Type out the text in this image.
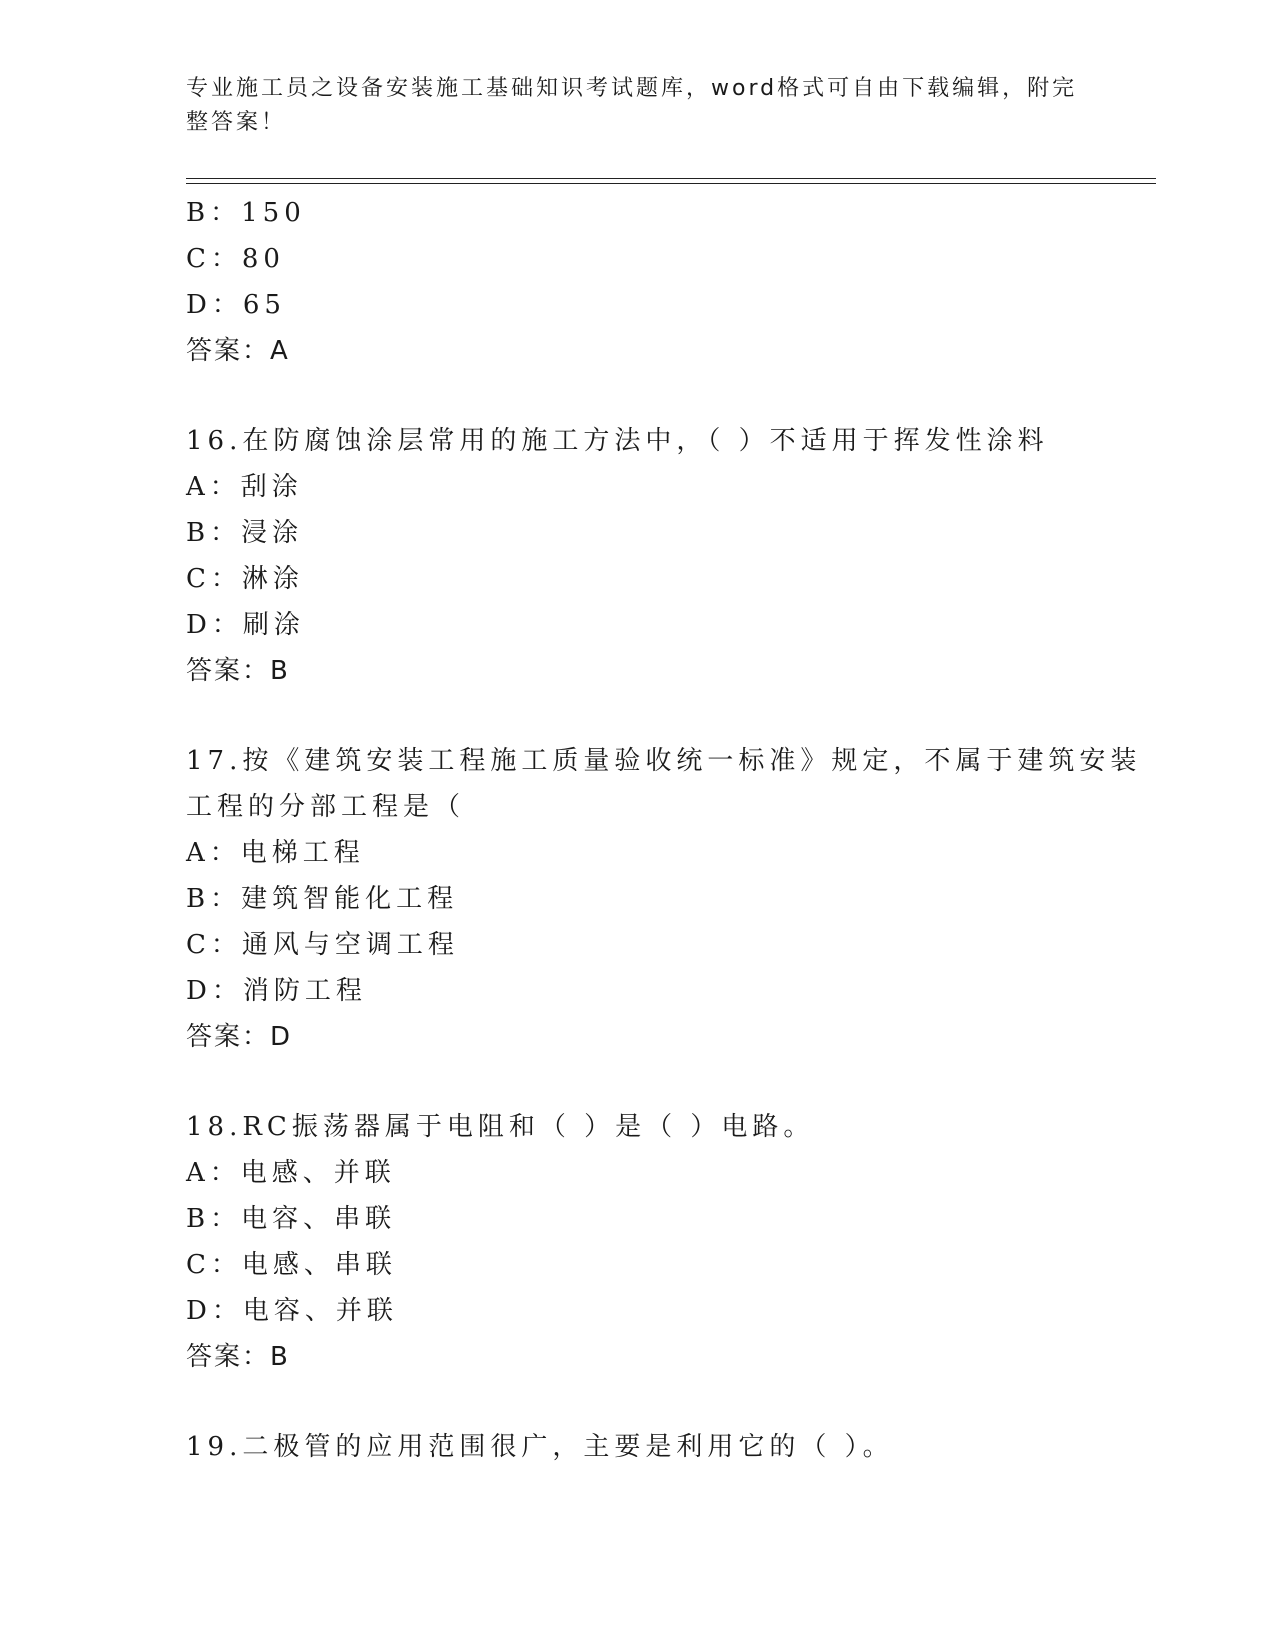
专业施工员之设备安装施工基础知识考试题库，word格式可自由下载编辑，附完
整答案！
B：150
C：80
D：65
答案：A
16.在防腐蚀涂层常用的施工方法中，（ ）不适用于挥发性涂料
A：刮涂
B：浸涂
C：淋涂
D：刷涂
答案：B
17.按《建筑安装工程施工质量验收统一标准》规定，不属于建筑安装
工程的分部工程是（
A：电梯工程
B：建筑智能化工程
C：通风与空调工程
D：消防工程
答案：D
18.RC振荡器属于电阻和（ ）是（ ）电路。
A：电感、并联
B：电容、串联
C：电感、串联
D：电容、并联
答案：B
19.二极管的应用范围很广，主要是利用它的（ ）。
